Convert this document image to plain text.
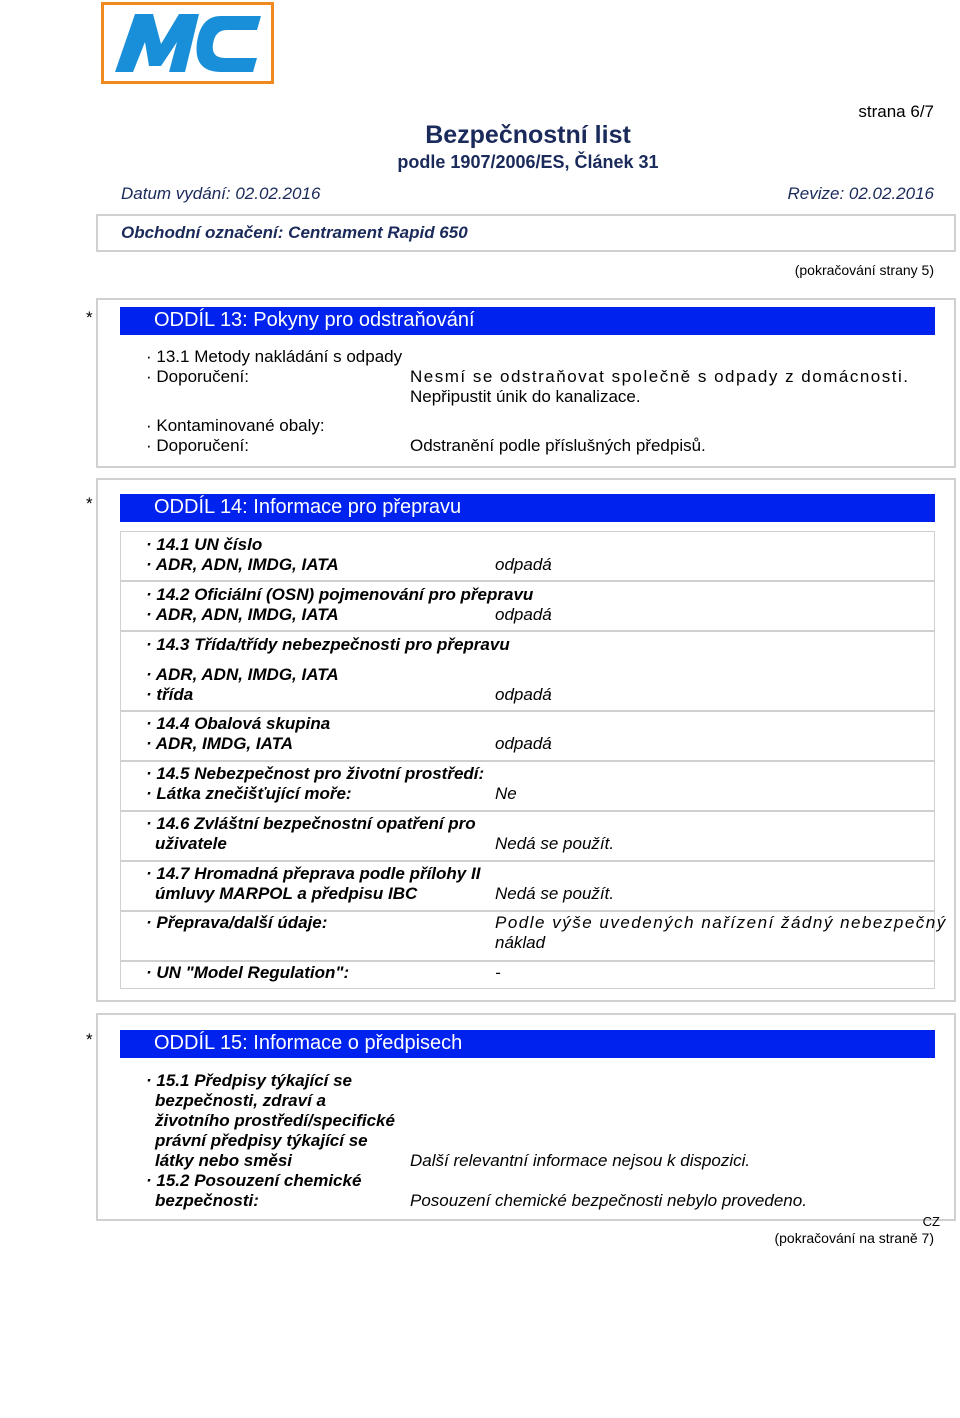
strana 6/7
Bezpečnostní list
podle 1907/2006/ES, Článek 31
Datum vydání: 02.02.2016	Revize: 02.02.2016
Obchodní označení: Centrament Rapid 650
(pokračování strany 5)
*	ODDÍL 13: Pokyny pro odstraňování
· 13.1 Metody nakládání s odpady
· Doporučení:	Nesmí se odstraňovat společně s odpady z domácnosti.
Nepřipustit únik do kanalizace.
· Kontaminované obaly:
· Doporučení:	Odstranění podle příslušných předpisů.
*	ODDÍL 14: Informace pro přepravu
· 14.1 UN číslo
· ADR, ADN, IMDG, IATA	odpadá
· 14.2 Oficiální (OSN) pojmenování pro přepravu
· ADR, ADN, IMDG, IATA	odpadá
· 14.3 Třída/třídy nebezpečnosti pro přepravu
· ADR, ADN, IMDG, IATA
· třída	odpadá
· 14.4 Obalová skupina
· ADR, IMDG, IATA	odpadá
· 14.5 Nebezpečnost pro životní prostředí:
· Látka znečišťující moře:	Ne
· 14.6 Zvláštní bezpečnostní opatření pro
uživatele	Nedá se použít.
· 14.7 Hromadná přeprava podle přílohy II
úmluvy MARPOL a předpisu IBC	Nedá se použít.
· Přeprava/další údaje:	Podle výše uvedených nařízení žádný nebezpečný
náklad
· UN "Model Regulation":	-
*	ODDÍL 15: Informace o předpisech
· 15.1 Předpisy týkající se
bezpečnosti, zdraví a
životního prostředí/specifické
právní předpisy týkající se
látky nebo směsi	Další relevantní informace nejsou k dispozici.
· 15.2 Posouzení chemické
bezpečnosti:	Posouzení chemické bezpečnosti nebylo provedeno.
CZ
(pokračování na straně 7)
